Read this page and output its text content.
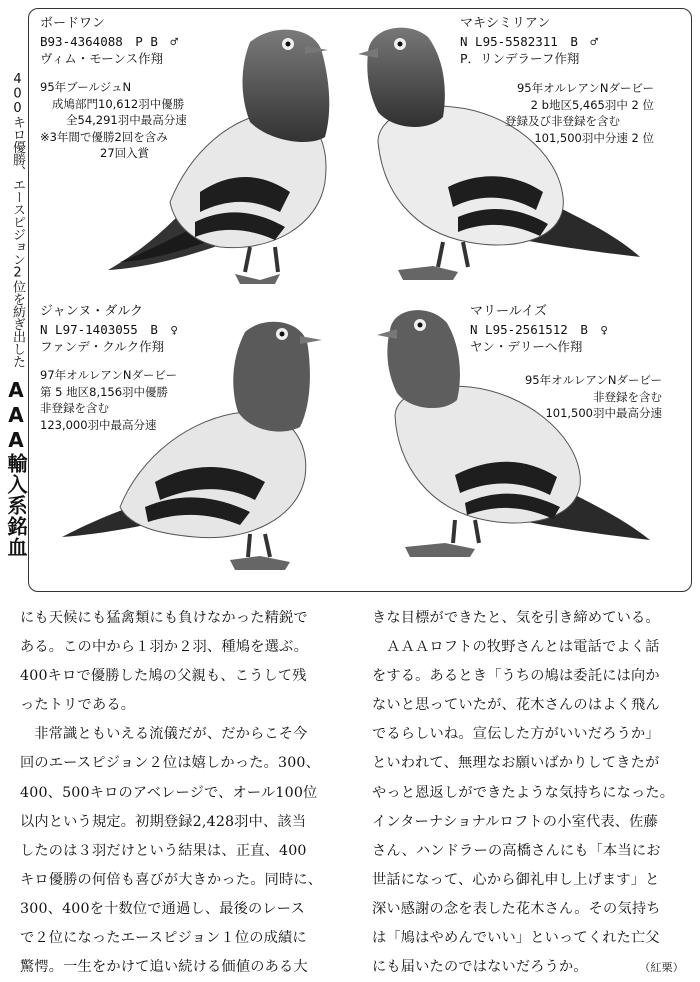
400キロ優勝、エースピジョン2位を紡ぎ出した
AAA輸入系銘血
ボードワン
B93-4364088　P B　♂
ヴィム・モーンス作翔
95年ブールジュN
成鳩部門10,612羽中優勝
全54,291羽中最高分速
※3年間で優勝2回を含み
27回入賞
マキシミリアン
N L95-5582311　B　♂
P．リンデラーフ作翔
95年オルレアンNダービー
2 b地区5,465羽中 2 位
登録及び非登録を含む
101,500羽中分速 2 位
ジャンヌ・ダルク
N L97-1403055　B　♀
ファンデ・クルク作翔
97年オルレアンNダービー
第 5 地区8,156羽中優勝
非登録を含む
123,000羽中最高分速
マリールイズ
N L95-2561512　B　♀
ヤン・デリーへ作翔
95年オルレアンNダービー
非登録を含む
101,500羽中最高分速

にも天候にも猛禽類にも負けなかった精鋭で

ある。この中から１羽か２羽、種鳩を選ぶ。

400キロで優勝した鳩の父親も、こうして残

ったトリである。

非常識ともいえる流儀だが、だからこそ今

回のエースピジョン２位は嬉しかった。300、

400、500キロのアベレージで、オール100位

以内という規定。初期登録2,428羽中、該当

したのは３羽だけという結果は、正直、400

キロ優勝の何倍も喜びが大きかった。同時に、

300、400を十数位で通過し、最後のレース

で２位になったエースピジョン１位の成績に

驚愕。一生をかけて追い続ける価値のある大

きな目標ができたと、気を引き締めている。

ＡＡＡロフトの牧野さんとは電話でよく話

をする。あるとき「うちの鳩は委託には向か

ないと思っていたが、花木さんのはよく飛ん

でるらしいね。宣伝した方がいいだろうか」

といわれて、無理なお願いばかりしてきたが

やっと恩返しができたような気持ちになった。

インターナショナルロフトの小室代表、佐藤

さん、ハンドラーの高橋さんにも「本当にお

世話になって、心から御礼申し上げます」と

深い感謝の念を表した花木さん。その気持ち

は「鳩はやめんでいい」といってくれた亡父

にも届いたのではないだろうか。	（紅栗）
